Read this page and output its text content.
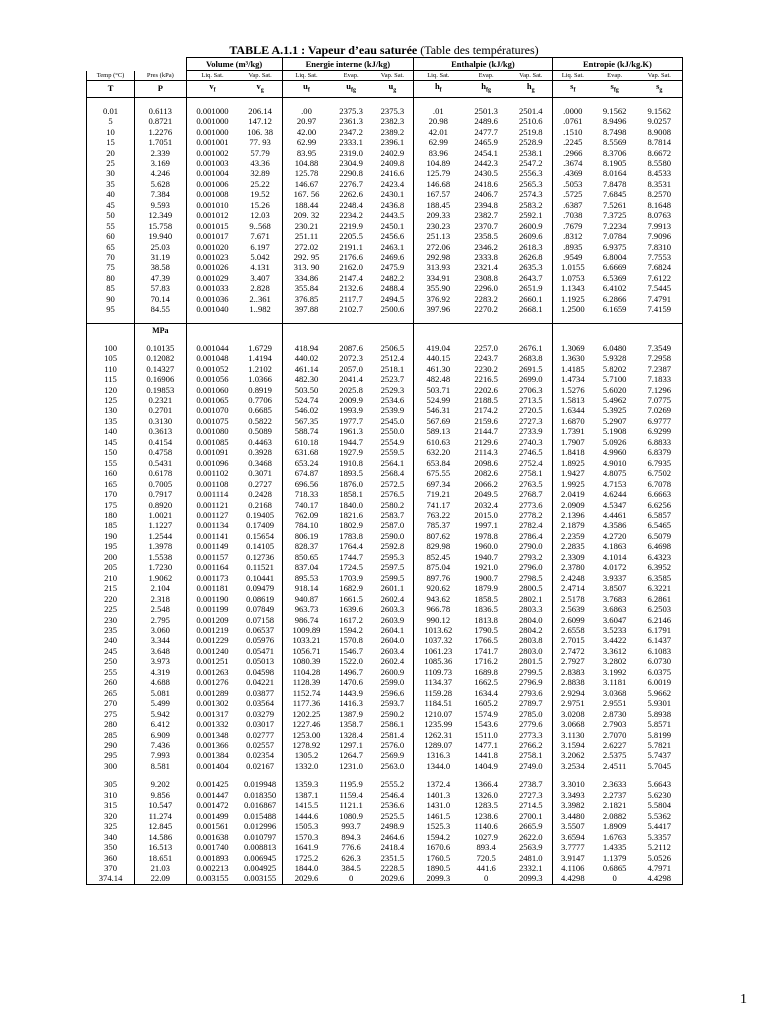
TABLE A.1.1 : Vapeur d’eau saturée (Table des températures)
		Volume (m³/kg)		Energie interne (kJ/kg)			Enthalpie (kJ/kg)			Entropie (kJ/kg.K)		
Temp (°C)	Pres (kPa)	Liq. Sat.	Vap. Sat.	Liq. Sat.	Evap.	Vap. Sat.	Liq. Sat.	Evap.	Vap. Sat.	Liq. Sat.	Evap.	Vap. Sat.
T	P	$v_f$	$v_g$	$u_f$	$u_{fg}$	$u_g$	$h_f$	$h_{fg}$	$h_g$	$s_f$	$s_{fg}$	$s_g$

0.01	0.6113	0.001000	206.14	.00	2375.3	2375.3	.01	2501.3	2501.4	.0000	9.1562	9.1562
5	0.8721	0.001000	147.12	20.97	2361.3	2382.3	20.98	2489.6	2510.6	.0761	8.9496	9.0257
10	1.2276	0.001000	106. 38	42.00	2347.2	2389.2	42.01	2477.7	2519.8	.1510	8.7498	8.9008
15	1.7051	0.001001	77. 93	62.99	2333.1	2396.1	62.99	2465.9	2528.9	.2245	8.5569	8.7814
20	2.339	0.001002	57.79	83.95	2319.0	2402.9	83.96	2454.1	2538.1	.2966	8.3706	8.6672
25	3.169	0.001003	43.36	104.88	2304.9	2409.8	104.89	2442.3	2547.2	.3674	8.1905	8.5580
30	4.246	0.001004	32.89	125.78	2290.8	2416.6	125.79	2430.5	2556.3	.4369	8.0164	8.4533
35	5.628	0.001006	25.22	146.67	2276.7	2423.4	146.68	2418.6	2565.3	.5053	7.8478	8.3531
40	7.384	0.001008	19.52	167. 56	2262.6	2430.1	167.57	2406.7	2574.3	.5725	7.6845	8.2570
45	9.593	0.001010	15.26	188.44	2248.4	2436.8	188.45	2394.8	2583.2	.6387	7.5261	8.1648
50	12.349	0.001012	12.03	209. 32	2234.2	2443.5	209.33	2382.7	2592.1	.7038	7.3725	8.0763
55	15.758	0.001015	9..568	230.21	2219.9	2450.1	230.23	2370.7	2600.9	.7679	7.2234	7.9913
60	19.940	0.001017	7.671	251.11	2205.5	2456.6	251.13	2358.5	2609.6	.8312	7.0784	7.9096
65	25.03	0.001020	6.197	272.02	2191.1	2463.1	272.06	2346.2	2618.3	.8935	6.9375	7.8310
70	31.19	0.001023	5.042	292. 95	2176.6	2469.6	292.98	2333.8	2626.8	.9549	6.8004	7.7553
75	38.58	0.001026	4.131	313. 90	2162.0	2475.9	313.93	2321.4	2635.3	1.0155	6.6669	7.6824
80	47.39	0.001029	3.407	334.86	2147.4	2482.2	334.91	2308.8	2643.7	1.0753	6.5369	7.6122
85	57.83	0.001033	2.828	355.84	2132.6	2488.4	355.90	2296.0	2651.9	1.1343	6.4102	7.5445
90	70.14	0.001036	2..361	376.85	2117.7	2494.5	376.92	2283.2	2660.1	1.1925	6.2866	7.4791
95	84.55	0.001040	1..982	397.88	2102.7	2500.6	397.96	2270.2	2668.1	1.2500	6.1659	7.4159

	MPa											

100	0.10135	0.001044	1.6729	418.94	2087.6	2506.5	419.04	2257.0	2676.1	1.3069	6.0480	7.3549
105	0.12082	0.001048	1.4194	440.02	2072.3	2512.4	440.15	2243.7	2683.8	1.3630	5.9328	7.2958
110	0.14327	0.001052	1.2102	461.14	2057.0	2518.1	461.30	2230.2	2691.5	1.4185	5.8202	7.2387
115	0.16906	0.001056	1.0366	482.30	2041.4	2523.7	482.48	2216.5	2699.0	1.4734	5.7100	7.1833
120	0.19853	0.001060	0.8919	503.50	2025.8	2529.3	503.71	2202.6	2706.3	1.5276	5.6020	7.1296
125	0.2321	0.001065	0.7706	524.74	2009.9	2534.6	524.99	2188.5	2713.5	1.5813	5.4962	7.0775
130	0.2701	0.001070	0.6685	546.02	1993.9	2539.9	546.31	2174.2	2720.5	1.6344	5.3925	7.0269
135	0.3130	0.001075	0.5822	567.35	1977.7	2545.0	567.69	2159.6	2727.3	1.6870	5.2907	6.9777
140	0.3613	0.001080	0.5089	588.74	1961.3	2550.0	589.13	2144.7	2733.9	1.7391	5.1908	6.9299
145	0.4154	0.001085	0.4463	610.18	1944.7	2554.9	610.63	2129.6	2740.3	1.7907	5.0926	6.8833
150	0.4758	0.001091	0.3928	631.68	1927.9	2559.5	632.20	2114.3	2746.5	1.8418	4.9960	6.8379
155	0.5431	0.001096	0.3468	653.24	1910.8	2564.1	653.84	2098.6	2752.4	1.8925	4.9010	6.7935
160	0.6178	0.001102	0.3071	674.87	1893.5	2568.4	675.55	2082.6	2758.1	1.9427	4.8075	6.7502
165	0.7005	0.001108	0.2727	696.56	1876.0	2572.5	697.34	2066.2	2763.5	1.9925	4.7153	6.7078
170	0.7917	0.001114	0.2428	718.33	1858.1	2576.5	719.21	2049.5	2768.7	2.0419	4.6244	6.6663
175	0.8920	0.001121	0.2168	740.17	1840.0	2580.2	741.17	2032.4	2773.6	2.0909	4.5347	6.6256
180	1.0021	0.001127	0.19405	762.09	1821.6	2583.7	763.22	2015.0	2778.2	2.1396	4.4461	6.5857
185	1.1227	0.001134	0.17409	784.10	1802.9	2587.0	785.37	1997.1	2782.4	2.1879	4.3586	6.5465
190	1.2544	0.001141	0.15654	806.19	1783.8	2590.0	807.62	1978.8	2786.4	2.2359	4.2720	6.5079
195	1.3978	0.001149	0.14105	828.37	1764.4	2592.8	829.98	1960.0	2790.0	2.2835	4.1863	6.4698
200	1.5538	0.001157	0.12736	850.65	1744.7	2595.3	852.45	1940.7	2793.2	2.3309	4.1014	6.4323
205	1.7230	0.001164	0.11521	837.04	1724.5	2597.5	875.04	1921.0	2796.0	2.3780	4.0172	6.3952
210	1.9062	0.001173	0.10441	895.53	1703.9	2599.5	897.76	1900.7	2798.5	2.4248	3.9337	6.3585
215	2.104	0.001181	0.09479	918.14	1682.9	2601.1	920.62	1879.9	2800.5	2.4714	3.8507	6.3221
220	2.318	0.001190	0.08619	940.87	1661.5	2602.4	943.62	1858.5	2802.1	2.5178	3.7683	6.2861
225	2.548	0.001199	0.07849	963.73	1639.6	2603.3	966.78	1836.5	2803.3	2.5639	3.6863	6.2503
230	2.795	0.001209	0.07158	986.74	1617.2	2603.9	990.12	1813.8	2804.0	2.6099	3.6047	6.2146
235	3.060	0.001219	0.06537	1009.89	1594.2	2604.1	1013.62	1790.5	2804.2	2.6558	3.5233	6.1791
240	3.344	0.001229	0.05976	1033.21	1570.8	2604.0	1037.32	1766.5	2803.8	2.7015	3.4422	6.1437
245	3.648	0.001240	0.05471	1056.71	1546.7	2603.4	1061.23	1741.7	2803.0	2.7472	3.3612	6.1083
250	3.973	0.001251	0.05013	1080.39	1522.0	2602.4	1085.36	1716.2	2801.5	2.7927	3.2802	6.0730
255	4.319	0.001263	0.04598	1104.28	1496.7	2600.9	1109.73	1689.8	2799.5	2.8383	3.1992	6.0375
260	4.688	0.001276	0.04221	1128.39	1470.6	2599.0	1134.37	1662.5	2796.9	2.8838	3.1181	6.0019
265	5.081	0.001289	0.03877	1152.74	1443.9	2596.6	1159.28	1634.4	2793.6	2.9294	3.0368	5.9662
270	5.499	0.001302	0.03564	1177.36	1416.3	2593.7	1184.51	1605.2	2789.7	2.9751	2.9551	5.9301
275	5.942	0.001317	0.03279	1202.25	1387.9	2590.2	1210.07	1574.9	2785.0	3.0208	2.8730	5.8938
280	6.412	0.001332	0.03017	1227.46	1358.7	2586.1	1235.99	1543.6	2779.6	3.0668	2.7903	5.8571
285	6.909	0.001348	0.02777	1253.00	1328.4	2581.4	1262.31	1511.0	2773.3	3.1130	2.7070	5.8199
290	7.436	0.001366	0.02557	1278.92	1297.1	2576.0	1289.07	1477.1	2766.2	3.1594	2.6227	5.7821
295	7.993	0.001384	0.02354	1305.2	1264.7	2569.9	1316.3	1441.8	2758.1	3.2062	2.5375	5.7437
300	8.581	0.001404	0.02167	1332.0	1231.0	2563.0	1344.0	1404.9	2749.0	3.2534	2.4511	5.7045

305	9.202	0.001425	0.019948	1359.3	1195.9	2555.2	1372.4	1366.4	2738.7	3.3010	2.3633	5.6643
310	9.856	0.001447	0.018350	1387.1	1159.4	2546.4	1401.3	1326.0	2727.3	3.3493	2.2737	5.6230
315	10.547	0.001472	0.016867	1415.5	1121.1	2536.6	1431.0	1283.5	2714.5	3.3982	2.1821	5.5804
320	11.274	0.001499	0.015488	1444.6	1080.9	2525.5	1461.5	1238.6	2700.1	3.4480	2.0882	5.5362
325	12.845	0.001561	0.012996	1505.3	993.7	2498.9	1525.3	1140.6	2665.9	3.5507	1.8909	5.4417
340	14.586	0.001638	0.010797	1570.3	894.3	2464.6	1594.2	1027.9	2622.0	3.6594	1.6763	5.3357
350	16.513	0.001740	0.008813	1641.9	776.6	2418.4	1670.6	893.4	2563.9	3.7777	1.4335	5.2112
360	18.651	0.001893	0.006945	1725.2	626.3	2351.5	1760.5	720.5	2481.0	3.9147	1.1379	5.0526
370	21.03	0.002213	0.004925	1844.0	384.5	2228.5	1890.5	441.6	2332.1	4.1106	0.6865	4.7971
374.14	22.09	0.003155	0.003155	2029.6	0	2029.6	2099.3	0	2099.3	4.4298	0	4.4298
1
